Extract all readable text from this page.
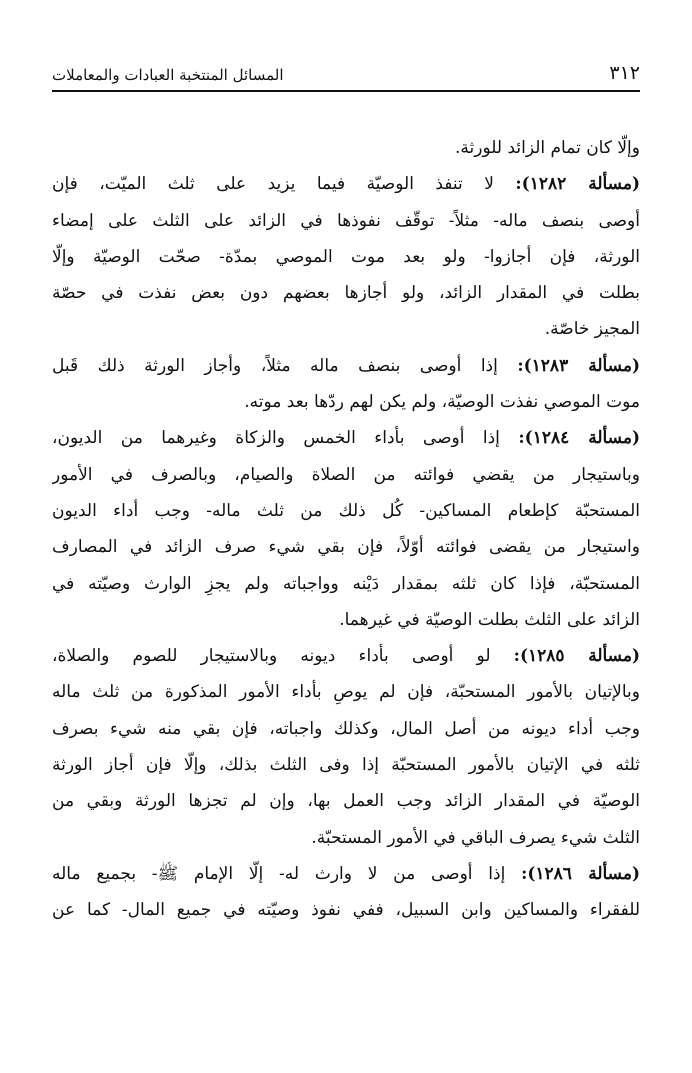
٣١٢
المسائل المنتخبة العبادات والمعاملات
وإلّا كان تمام الزائد للورثة.
(مسألة ١٢٨٢): لا تنفذ الوصيّة فيما يزيد على ثلث الميّت، فإن
أوصى بنصف ماله- مثلاً- توقّف نفوذها في الزائد على الثلث على إمضاء
الورثة، فإن أجازوا- ولو بعد موت الموصي بمدّة- صحّت الوصيّة وإلّا
بطلت في المقدار الزائد، ولو أجازها بعضهم دون بعض نفذت في حصّة
المجيز خاصّة.
(مسألة ١٢٨٣): إذا أوصى بنصف ماله مثلاً، وأجاز الورثة ذلك قَبل
موت الموصي نفذت الوصيّة، ولم يكن لهم ردّها بعد موته.
(مسألة ١٢٨٤): إذا أوصى بأداء الخمس والزكاة وغيرهما من الديون،
وباستيجار من يقضي فوائته من الصلاة والصيام، وبالصرف في الأمور
المستحبّة كإطعام المساكين- كُل ذلك من ثلث ماله- وجب أداء الديون
واستيجار من يقضى فوائته أوّلاً، فإن بقي شيء صرف الزائد في المصارف
المستحبّة، فإذا كان ثلثه بمقدار دَيْنه وواجباته ولم يجزِ الوارث وصيّته في
الزائد على الثلث بطلت الوصيّة في غيرهما.
(مسألة ١٢٨٥): لو أوصى بأداء ديونه وبالاستيجار للصوم والصلاة،
وبالإتيان بالأمور المستحبّة، فإن لم يوصِ بأداء الأمور المذكورة من ثلث ماله
وجب أداء ديونه من أصل المال، وكذلك واجباته، فإن بقي منه شيء بصرف
ثلثه في الإتيان بالأمور المستحبّة إذا وفى الثلث بذلك، وإلّا فإن أجاز الورثة
الوصيّة في المقدار الزائد وجب العمل بها، وإن لم تجزها الورثة وبقي من
الثلث شيء يصرف الباقي في الأمور المستحبّة.
(مسألة ١٢٨٦): إذا أوصى من لا وارث له- إلّا الإمام ﷺ- بجميع ماله
للفقراء والمساكين وابن السبيل، ففي نفوذ وصيّته في جميع المال- كما عن
